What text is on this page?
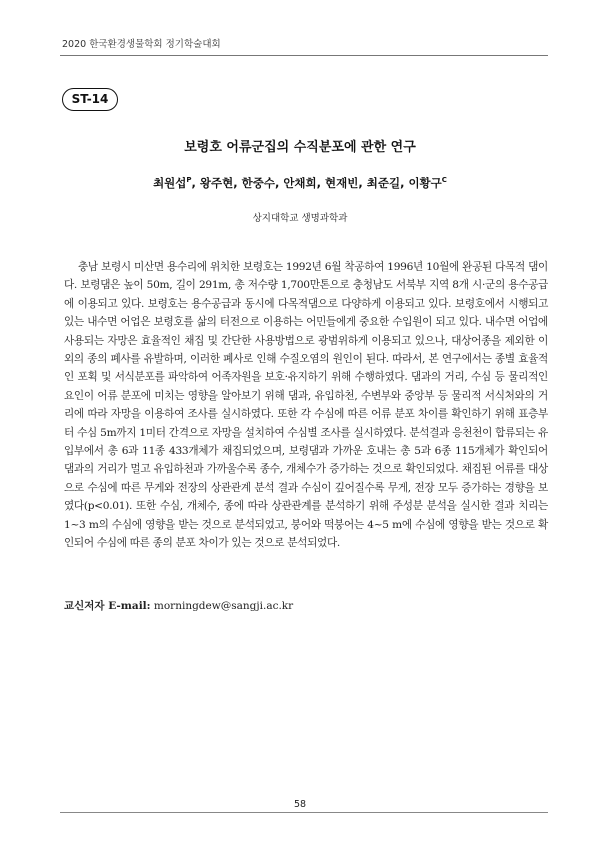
2020 한국환경생물학회 정기학술대회
ST-14
보령호 어류군집의 수직분포에 관한 연구
최원섭$^P$, 왕주현, 한중수, 안채희, 현재빈, 최준길, 이황구$^C$
상지대학교 생명과학과

충남 보령시 미산면 용수리에 위치한 보령호는 1992년 6월 착공하여 1996년 10월에 완공된 다목적 댐이다. 보령댐은 높이 50m, 길이 291m, 총 저수량 1,700만톤으로 충청남도 서북부 지역 8개 시·군의 용수공급에 이용되고 있다. 보령호는 용수공급과 동시에 다목적댐으로 다양하게 이용되고 있다. 보령호에서 시행되고 있는 내수면 어업은 보령호를 삶의 터전으로 이용하는 어민들에게 중요한 수입원이 되고 있다. 내수면 어업에 사용되는 자망은 효율적인 채집 및 간단한 사용방법으로 광범위하게 이용되고 있으나, 대상어종을 제외한 이외의 종의 폐사를 유발하며, 이러한 폐사로 인해 수질오염의 원인이 된다. 따라서, 본 연구에서는 종별 효율적인 포획 및 서식분포를 파악하여 어족자원을 보호·유지하기 위해 수행하였다. 댐과의 거리, 수심 등 물리적인 요인이 어류 분포에 미치는 영향을 알아보기 위해 댐과, 유입하천, 수변부와 중앙부 등 물리적 서식처와의 거리에 따라 자망을 이용하여 조사를 실시하였다. 또한 각 수심에 따른 어류 분포 차이를 확인하기 위해 표층부터 수심 5m까지 1미터 간격으로 자망을 설치하여 수심별 조사를 실시하였다. 분석결과 응천천이 합류되는 유입부에서 총 6과 11종 433개체가 채집되었으며, 보령댐과 가까운 호내는 총 5과 6종 115개체가 확인되어 댐과의 거리가 멀고 유입하천과 가까울수록 종수, 개체수가 증가하는 것으로 확인되었다. 채집된 어류를 대상으로 수심에 따른 무게와 전장의 상관관계 분석 결과 수심이 깊어질수록 무게, 전장 모두 증가하는 경향을 보였다(p<0.01). 또한 수심, 개체수, 종에 따라 상관관계를 분석하기 위해 주성분 분석을 실시한 결과 치리는 1~3 m의 수심에 영향을 받는 것으로 분석되었고, 붕어와 떡붕어는 4~5 m에 수심에 영향을 받는 것으로 확인되어 수심에 따른 종의 분포 차이가 있는 것으로 분석되었다.

교신저자 E-mail: morningdew@sangji.ac.kr
58
